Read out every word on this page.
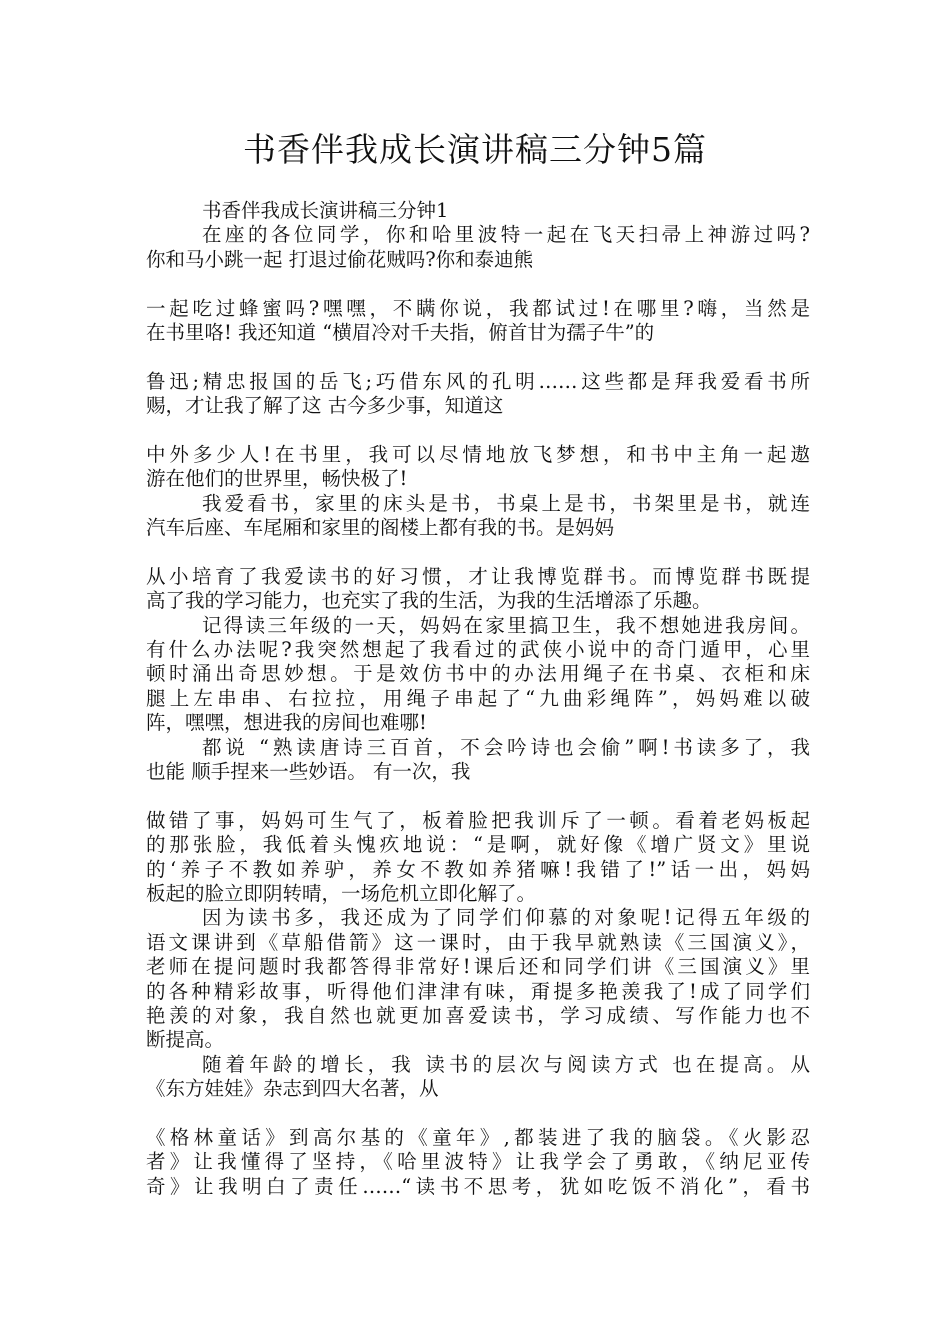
书香伴我成长演讲稿三分钟5篇
书香伴我成长演讲稿三分钟1
在座的各位同学，你和哈里波特一起在飞天扫帚上神游过吗?
你和马小跳一起 打退过偷花贼吗?你和泰迪熊
一起吃过蜂蜜吗?嘿嘿，不瞒你说，我都试过!在哪里?嗨，当然是
在书里咯! 我还知道 “横眉冷对千夫指，俯首甘为孺子牛”的
鲁迅;精忠报国的岳飞;巧借东风的孔明……这些都是拜我爱看书所
赐，才让我了解了这 古今多少事，知道这
中外多少人!在书里，我可以尽情地放飞梦想，和书中主角一起遨
游在他们的世界里，畅快极了!
我爱看书，家里的床头是书，书桌上是书，书架里是书，就连
汽车后座、车尾厢和家里的阁楼上都有我的书。是妈妈
从小培育了我爱读书的好习惯，才让我博览群书。而博览群书既提
高了我的学习能力，也充实了我的生活，为我的生活增添了乐趣。
记得读三年级的一天，妈妈在家里搞卫生，我不想她进我房间。
有什么办法呢?我突然想起了我看过的武侠小说中的奇门遁甲，心里
顿时涌出奇思妙想。于是效仿书中的办法用绳子在书桌、衣柜和床
腿上左串串、右拉拉，用绳子串起了“九曲彩绳阵”，妈妈难以破
阵，嘿嘿，想进我的房间也难哪!
都说 “熟读唐诗三百首，不会吟诗也会偷”啊!书读多了，我
也能 顺手捏来一些妙语。 有一次，我
做错了事，妈妈可生气了，板着脸把我训斥了一顿。看着老妈板起
的那张脸，我低着头愧疚地说：“是啊，就好像《增广贤文》里说
的‘养子不教如养驴，养女不教如养猪嘛!我错了!”话一出，妈妈
板起的脸立即阴转晴，一场危机立即化解了。
因为读书多，我还成为了同学们仰慕的对象呢!记得五年级的
语文课讲到《草船借箭》这一课时，由于我早就熟读《三国演义》，
老师在提问题时我都答得非常好!课后还和同学们讲《三国演义》里
的各种精彩故事，听得他们津津有味，甭提多艳羡我了!成了同学们
艳羡的对象，我自然也就更加喜爱读书，学习成绩、写作能力也不
断提高。
随着年龄的增长，我 读书的层次与阅读方式 也在提高。从
《东方娃娃》杂志到四大名著，从
《格林童话》到高尔基的《童年》,都装进了我的脑袋。《火影忍
者》让我懂得了坚持，《哈里波特》让我学会了勇敢，《纳尼亚传
奇》让我明白了责任……“读书不思考，犹如吃饭不消化”，看书
